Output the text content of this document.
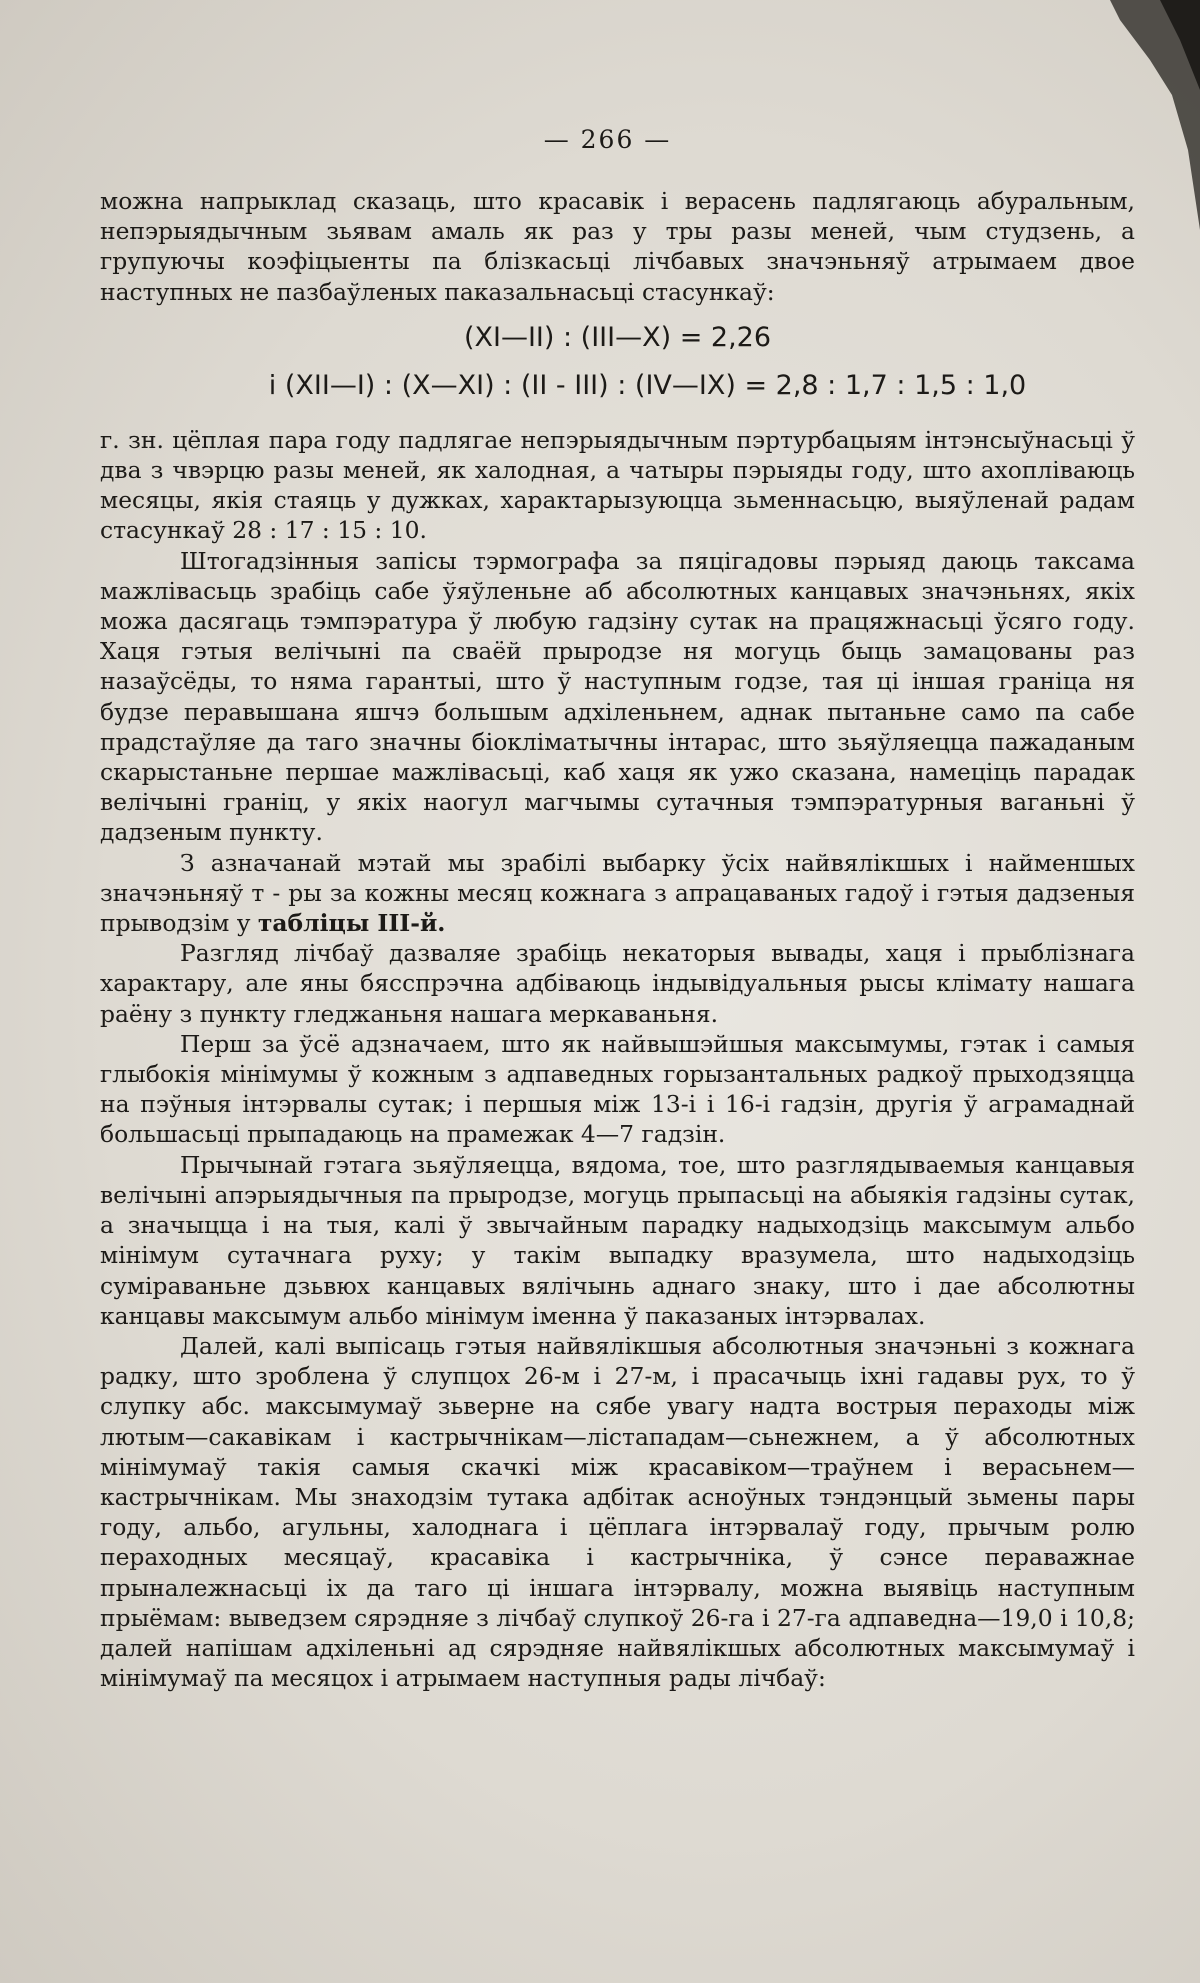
— 266 —

можна напрыклад сказаць, што красавік і верасень падлягаюць абуральным, непэрыядычным зьявам амаль як раз у тры разы меней, чым студзень, а групуючы коэфіцыенты па блізкасьці лічбавых значэньняў атрымаем двое наступных не пазбаўленых паказальнасьці стасункаў:

(XI—II) : (III—X) = 2,26
і (XII—I) : (X—XI) : (II - III) : (IV—IX) = 2,8 : 1,7 : 1,5 : 1,0

г. зн. цёплая пара году падлягае непэрыядычным пэртурбацыям інтэнсыўнасьці ў два з чвэрцю разы меней, як халодная, а чатыры пэрыяды году, што ахопліваюць месяцы, якія стаяць у дужках, характарызуюцца зьменнасьцю, выяўленай радам стасункаў 28 : 17 : 15 : 10.

Штогадзінныя запісы тэрмографа за пяцігадовы пэрыяд даюць таксама мажлівасьць зрабіць сабе ўяўленьне аб абсолютных канцавых значэньнях, якіх можа дасягаць тэмпэратура ў любую гадзіну сутак на працяжнасьці ўсяго году. Хаця гэтыя велічыні па сваёй прыродзе ня могуць быць замацованы раз назаўсёды, то няма гарантыі, што ў наступным годзе, тая ці іншая граніца ня будзе перавышана яшчэ большым адхіленьнем, аднак пытаньне само па сабе прадстаўляе да таго значны біокліматычны інтарас, што зьяўляецца пажаданым скарыстаньне першае мажлівасьці, каб хаця як ужо сказана, намеціць парадак велічыні граніц, у якіх наогул магчымы сутачныя тэмпэратурныя ваганьні ў дадзеным пункту.

З азначанай мэтай мы зрабілі выбарку ўсіх найвялікшых і найменшых значэньняў т - ры за кожны месяц кожнага з апрацаваных гадоў і гэтыя дадзеныя прыводзім у табліцы III-й.

Разгляд лічбаў дазваляе зрабіць некаторыя вывады, хаця і прыблізнага характару, але яны бясспрэчна адбіваюць індывідуальныя рысы клімату нашага раёну з пункту гледжаньня нашага меркаваньня.

Перш за ўсё адзначаем, што як найвышэйшыя максымумы, гэтак і самыя глыбокія мінімумы ў кожным з адпаведных горызантальных радкоў прыходзяцца на пэўныя інтэрвалы сутак; і першыя між 13-і і 16-і гадзін, другія ў аграмаднай большасьці прыпадаюць на прамежак 4—7 гадзін.

Прычынай гэтага зьяўляецца, вядома, тое, што разглядываемыя канцавыя велічыні апэрыядычныя па прыродзе, могуць прыпасьці на абыякія гадзіны сутак, а значыцца і на тыя, калі ў звычайным парадку надыходзіць максымум альбо мінімум сутачнага руху; у такім выпадку вразумела, што надыходзіць суміраваньне дзьвюх канцавых вялічынь аднаго знаку, што і дае абсолютны канцавы максымум альбо мінімум іменна ў паказаных інтэрвалах.

Далей, калі выпісаць гэтыя найвялікшыя абсолютныя значэньні з кожнага радку, што зроблена ў слупцох 26-м і 27-м, і прасачыць іхні гадавы рух, то ў слупку абс. максымумаў зьверне на сябе увагу надта вострыя пераходы між лютым—сакавікам і кастрычнікам—лістападам—сьнежнем, а ў абсолютных мінімумаў такія самыя скачкі між красавіком—траўнем і верасьнем—кастрычнікам. Мы знаходзім тутака адбітак асноўных тэндэнцый зьмены пары году, альбо, агульны, халоднага і цёплага інтэрвалаў году, прычым ролю пераходных месяцаў, красавіка і кастрычніка, ў сэнсе пераважнае прыналежнасьці іх да таго ці іншага інтэрвалу, можна выявіць наступным прыёмам: выведзем сярэдняе з лічбаў слупкоў 26-га і 27-га адпаведна—19,0 і 10,8; далей напішам адхіленьні ад сярэдняе найвялікшых абсолютных максымумаў і мінімумаў па месяцох і атрымаем наступныя рады лічбаў:
